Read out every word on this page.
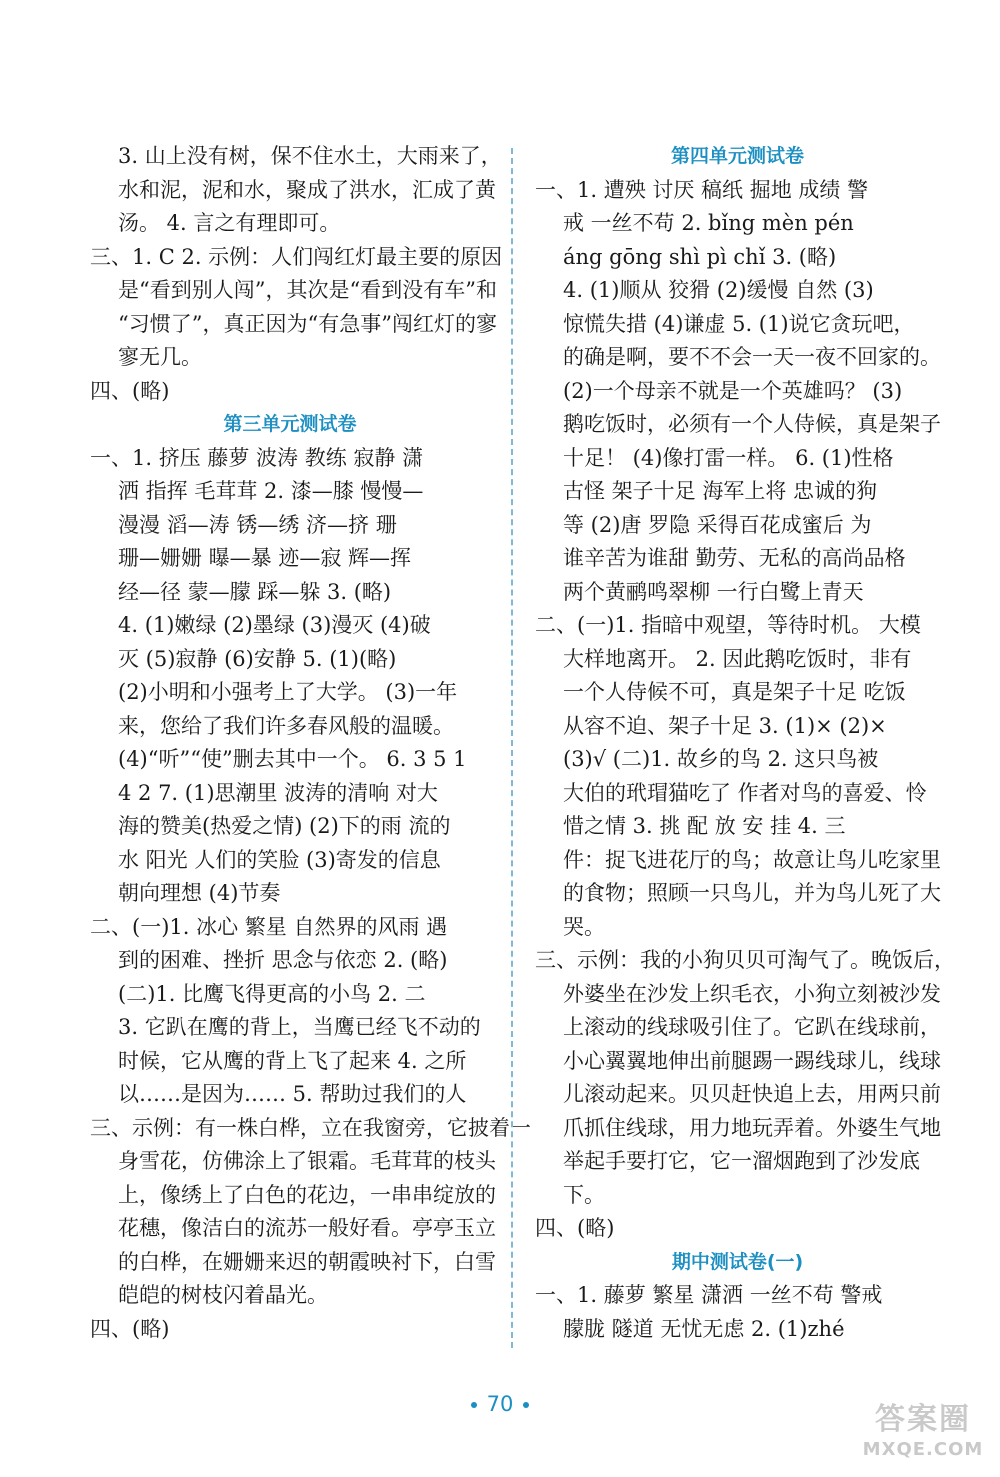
3. 山上没有树，保不住水土，大雨来了，
水和泥，泥和水，聚成了洪水，汇成了黄
汤。 4. 言之有理即可。
三、1. C 2. 示例：人们闯红灯最主要的原因
是“看到别人闯”，其次是“看到没有车”和
“习惯了”，真正因为“有急事”闯红灯的寥
寥无几。
四、(略)
第三单元测试卷
一、1. 挤压 藤萝 波涛 教练 寂静 潇
洒 指挥 毛茸茸 2. 漆—膝 慢慢—
漫漫 滔—涛 锈—绣 济—挤 珊
珊—姗姗 曝—暴 迹—寂 辉—挥
经—径 蒙—朦 踩—躲 3. (略)
4. (1)嫩绿 (2)墨绿 (3)漫灭 (4)破
灭 (5)寂静 (6)安静 5. (1)(略)
(2)小明和小强考上了大学。 (3)一年
来，您给了我们许多春风般的温暖。
(4)“听”“使”删去其中一个。 6. 3 5 1
4 2 7. (1)思潮里 波涛的清响 对大
海的赞美(热爱之情) (2)下的雨 流的
水 阳光 人们的笑脸 (3)寄发的信息
朝向理想 (4)节奏
二、(一)1. 冰心 繁星 自然界的风雨 遇
到的困难、挫折 思念与依恋 2. (略)
(二)1. 比鹰飞得更高的小鸟 2. 二
3. 它趴在鹰的背上，当鹰已经飞不动的
时候，它从鹰的背上飞了起来 4. 之所
以……是因为…… 5. 帮助过我们的人
三、示例：有一株白桦，立在我窗旁，它披着一
身雪花，仿佛涂上了银霜。毛茸茸的枝头
上，像绣上了白色的花边，一串串绽放的
花穗，像洁白的流苏一般好看。亭亭玉立
的白桦，在姗姗来迟的朝霞映衬下，白雪
皑皑的树枝闪着晶光。
四、(略)
第四单元测试卷
一、1. 遭殃 讨厌 稿纸 掘地 成绩 警
戒 一丝不苟 2. bǐng mèn pén
áng gōng shì pì chǐ 3. (略)
4. (1)顺从 狡猾 (2)缓慢 自然 (3)
惊慌失措 (4)谦虚 5. (1)说它贪玩吧，
的确是啊，要不不会一天一夜不回家的。
(2)一个母亲不就是一个英雄吗？ (3)
鹅吃饭时，必须有一个人侍候，真是架子
十足！ (4)像打雷一样。 6. (1)性格
古怪 架子十足 海军上将 忠诚的狗
等 (2)唐 罗隐 采得百花成蜜后 为
谁辛苦为谁甜 勤劳、无私的高尚品格
两个黄鹂鸣翠柳 一行白鹭上青天
二、(一)1. 指暗中观望，等待时机。 大模
大样地离开。 2. 因此鹅吃饭时，非有
一个人侍候不可，真是架子十足 吃饭
从容不迫、架子十足 3. (1)× (2)×
(3)√ (二)1. 故乡的鸟 2. 这只鸟被
大伯的玳瑁猫吃了 作者对鸟的喜爱、怜
惜之情 3. 挑 配 放 安 挂 4. 三
件：捉飞进花厅的鸟；故意让鸟儿吃家里
的食物；照顾一只鸟儿，并为鸟儿死了大
哭。
三、示例：我的小狗贝贝可淘气了。晚饭后，
外婆坐在沙发上织毛衣，小狗立刻被沙发
上滚动的线球吸引住了。它趴在线球前，
小心翼翼地伸出前腿踢一踢线球儿，线球
儿滚动起来。贝贝赶快追上去，用两只前
爪抓住线球，用力地玩弄着。外婆生气地
举起手要打它，它一溜烟跑到了沙发底
下。
四、(略)
期中测试卷(一)
一、1. 藤萝 繁星 潇洒 一丝不苟 警戒
朦胧 隧道 无忧无虑 2. (1)zhé
70	答案圈
MXQE.COM
